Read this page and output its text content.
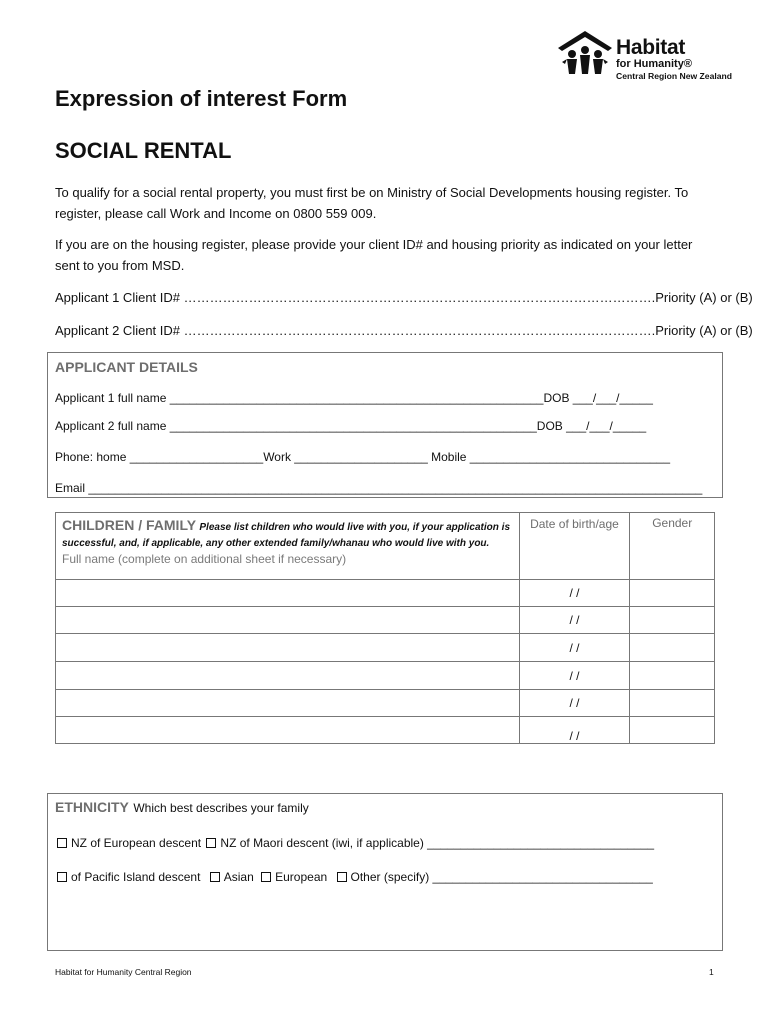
Habitat
for Humanity®
Central Region New Zealand
Expression of interest Form
SOCIAL RENTAL
To qualify for a social rental property, you must first be on Ministry of Social Developments housing register. To register, please call Work and Income on 0800 559 009.
If you are on the housing register, please provide your client ID# and housing priority as indicated on your letter sent to you from MSD.
Applicant 1 Client ID# ……………………………………………………………………………………………….Priority (A) or (B)
Applicant 2 Client ID# ……………………………………………………………………………………………….Priority (A) or (B)
APPLICANT DETAILS
Applicant 1 full name ________________________________________________________DOB ___/___/_____
Applicant 2 full name _______________________________________________________DOB ___/___/_____
Phone: home ____________________Work ____________________ Mobile ______________________________
Email ____________________________________________________________________________________________
CHILDREN / FAMILY Please list children who would live with you, if your application is successful, and, if applicable, any other extended family/whanau who would live with you.
Full name (complete on additional sheet if necessary)	Date of birth/age	Gender
	/ /	
	/ /	
	/ /	
	/ /	
	/ /	
	/ /	
ETHNICITY Which best describes your family
NZ of European descent NZ of Maori descent (iwi, if applicable) __________________________________
of Pacific Island descent Asian European Other (specify) _________________________________
Habitat for Humanity Central Region	1
